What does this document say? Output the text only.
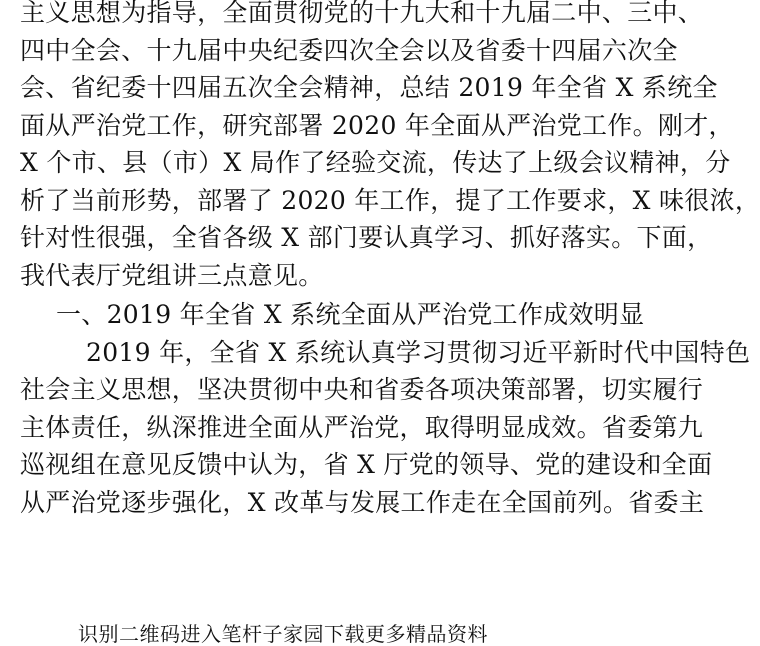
主义思想为指导，全面贯彻党的十九大和十九届二中、三中、
四中全会、十九届中央纪委四次全会以及省委十四届六次全
会、省纪委十四届五次全会精神，总结 2019 年全省 X 系统全
面从严治党工作，研究部署 2020 年全面从严治党工作。刚才，
X 个市、县（市）X 局作了经验交流，传达了上级会议精神，分
析了当前形势，部署了 2020 年工作，提了工作要求，X 味很浓，
针对性很强，全省各级 X 部门要认真学习、抓好落实。下面，
我代表厅党组讲三点意见。
一、2019 年全省 X 系统全面从严治党工作成效明显
2019 年，全省 X 系统认真学习贯彻习近平新时代中国特色
社会主义思想，坚决贯彻中央和省委各项决策部署，切实履行
主体责任，纵深推进全面从严治党，取得明显成效。省委第九
巡视组在意见反馈中认为，省 X 厅党的领导、党的建设和全面
从严治党逐步强化，X 改革与发展工作走在全国前列。省委主
识别二维码进入笔杆子家园下载更多精品资料
